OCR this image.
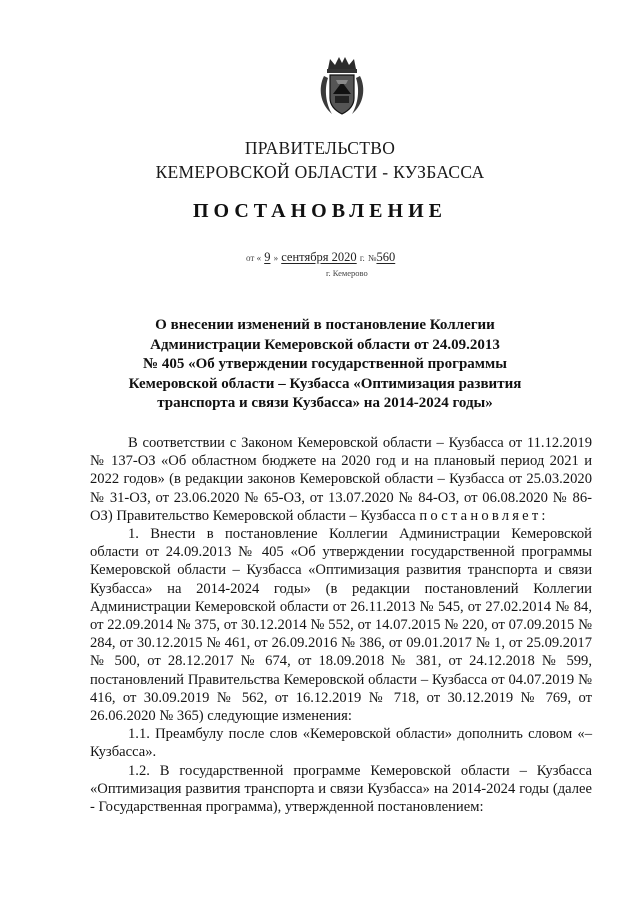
ПРАВИТЕЛЬСТВО
КЕМЕРОВСКОЙ ОБЛАСТИ - КУЗБАССА
ПОСТАНОВЛЕНИЕ
от « 9 » сентября 2020 г. №560
г. Кемерово
О внесении изменений в постановление Коллегии
Администрации Кемеровской области от 24.09.2013
№ 405 «Об утверждении государственной программы
Кемеровской области – Кузбасса «Оптимизация развития
транспорта и связи Кузбасса» на 2014-2024 годы»

В соответствии с Законом Кемеровской области – Кузбасса от 11.12.2019 № 137-ОЗ «Об областном бюджете на 2020 год и на плановый период 2021 и 2022 годов» (в редакции законов Кемеровской области – Кузбасса от 25.03.2020 № 31-ОЗ, от 23.06.2020 № 65-ОЗ, от 13.07.2020 № 84-ОЗ, от 06.08.2020 № 86-ОЗ) Правительство Кемеровской области – Кузбасса постановляет:

1. Внести в постановление Коллегии Администрации Кемеровской области от 24.09.2013 № 405 «Об утверждении государственной программы Кемеровской области – Кузбасса «Оптимизация развития транспорта и связи Кузбасса» на 2014-2024 годы» (в редакции постановлений Коллегии Администрации Кемеровской области от 26.11.2013 № 545, от 27.02.2014 № 84, от 22.09.2014 № 375, от 30.12.2014 № 552, от 14.07.2015 № 220, от 07.09.2015 № 284, от 30.12.2015 № 461, от 26.09.2016 № 386, от 09.01.2017 № 1, от 25.09.2017 № 500, от 28.12.2017 № 674, от 18.09.2018 № 381, от 24.12.2018 № 599, постановлений Правительства Кемеровской области – Кузбасса от 04.07.2019 № 416, от 30.09.2019 № 562, от 16.12.2019 № 718, от 30.12.2019 № 769, от 26.06.2020 № 365) следующие изменения:

1.1. Преамбулу после слов «Кемеровской области» дополнить словом «– Кузбасса».

1.2. В государственной программе Кемеровской области – Кузбасса «Оптимизация развития транспорта и связи Кузбасса» на 2014-2024 годы (далее - Государственная программа), утвержденной постановлением:
